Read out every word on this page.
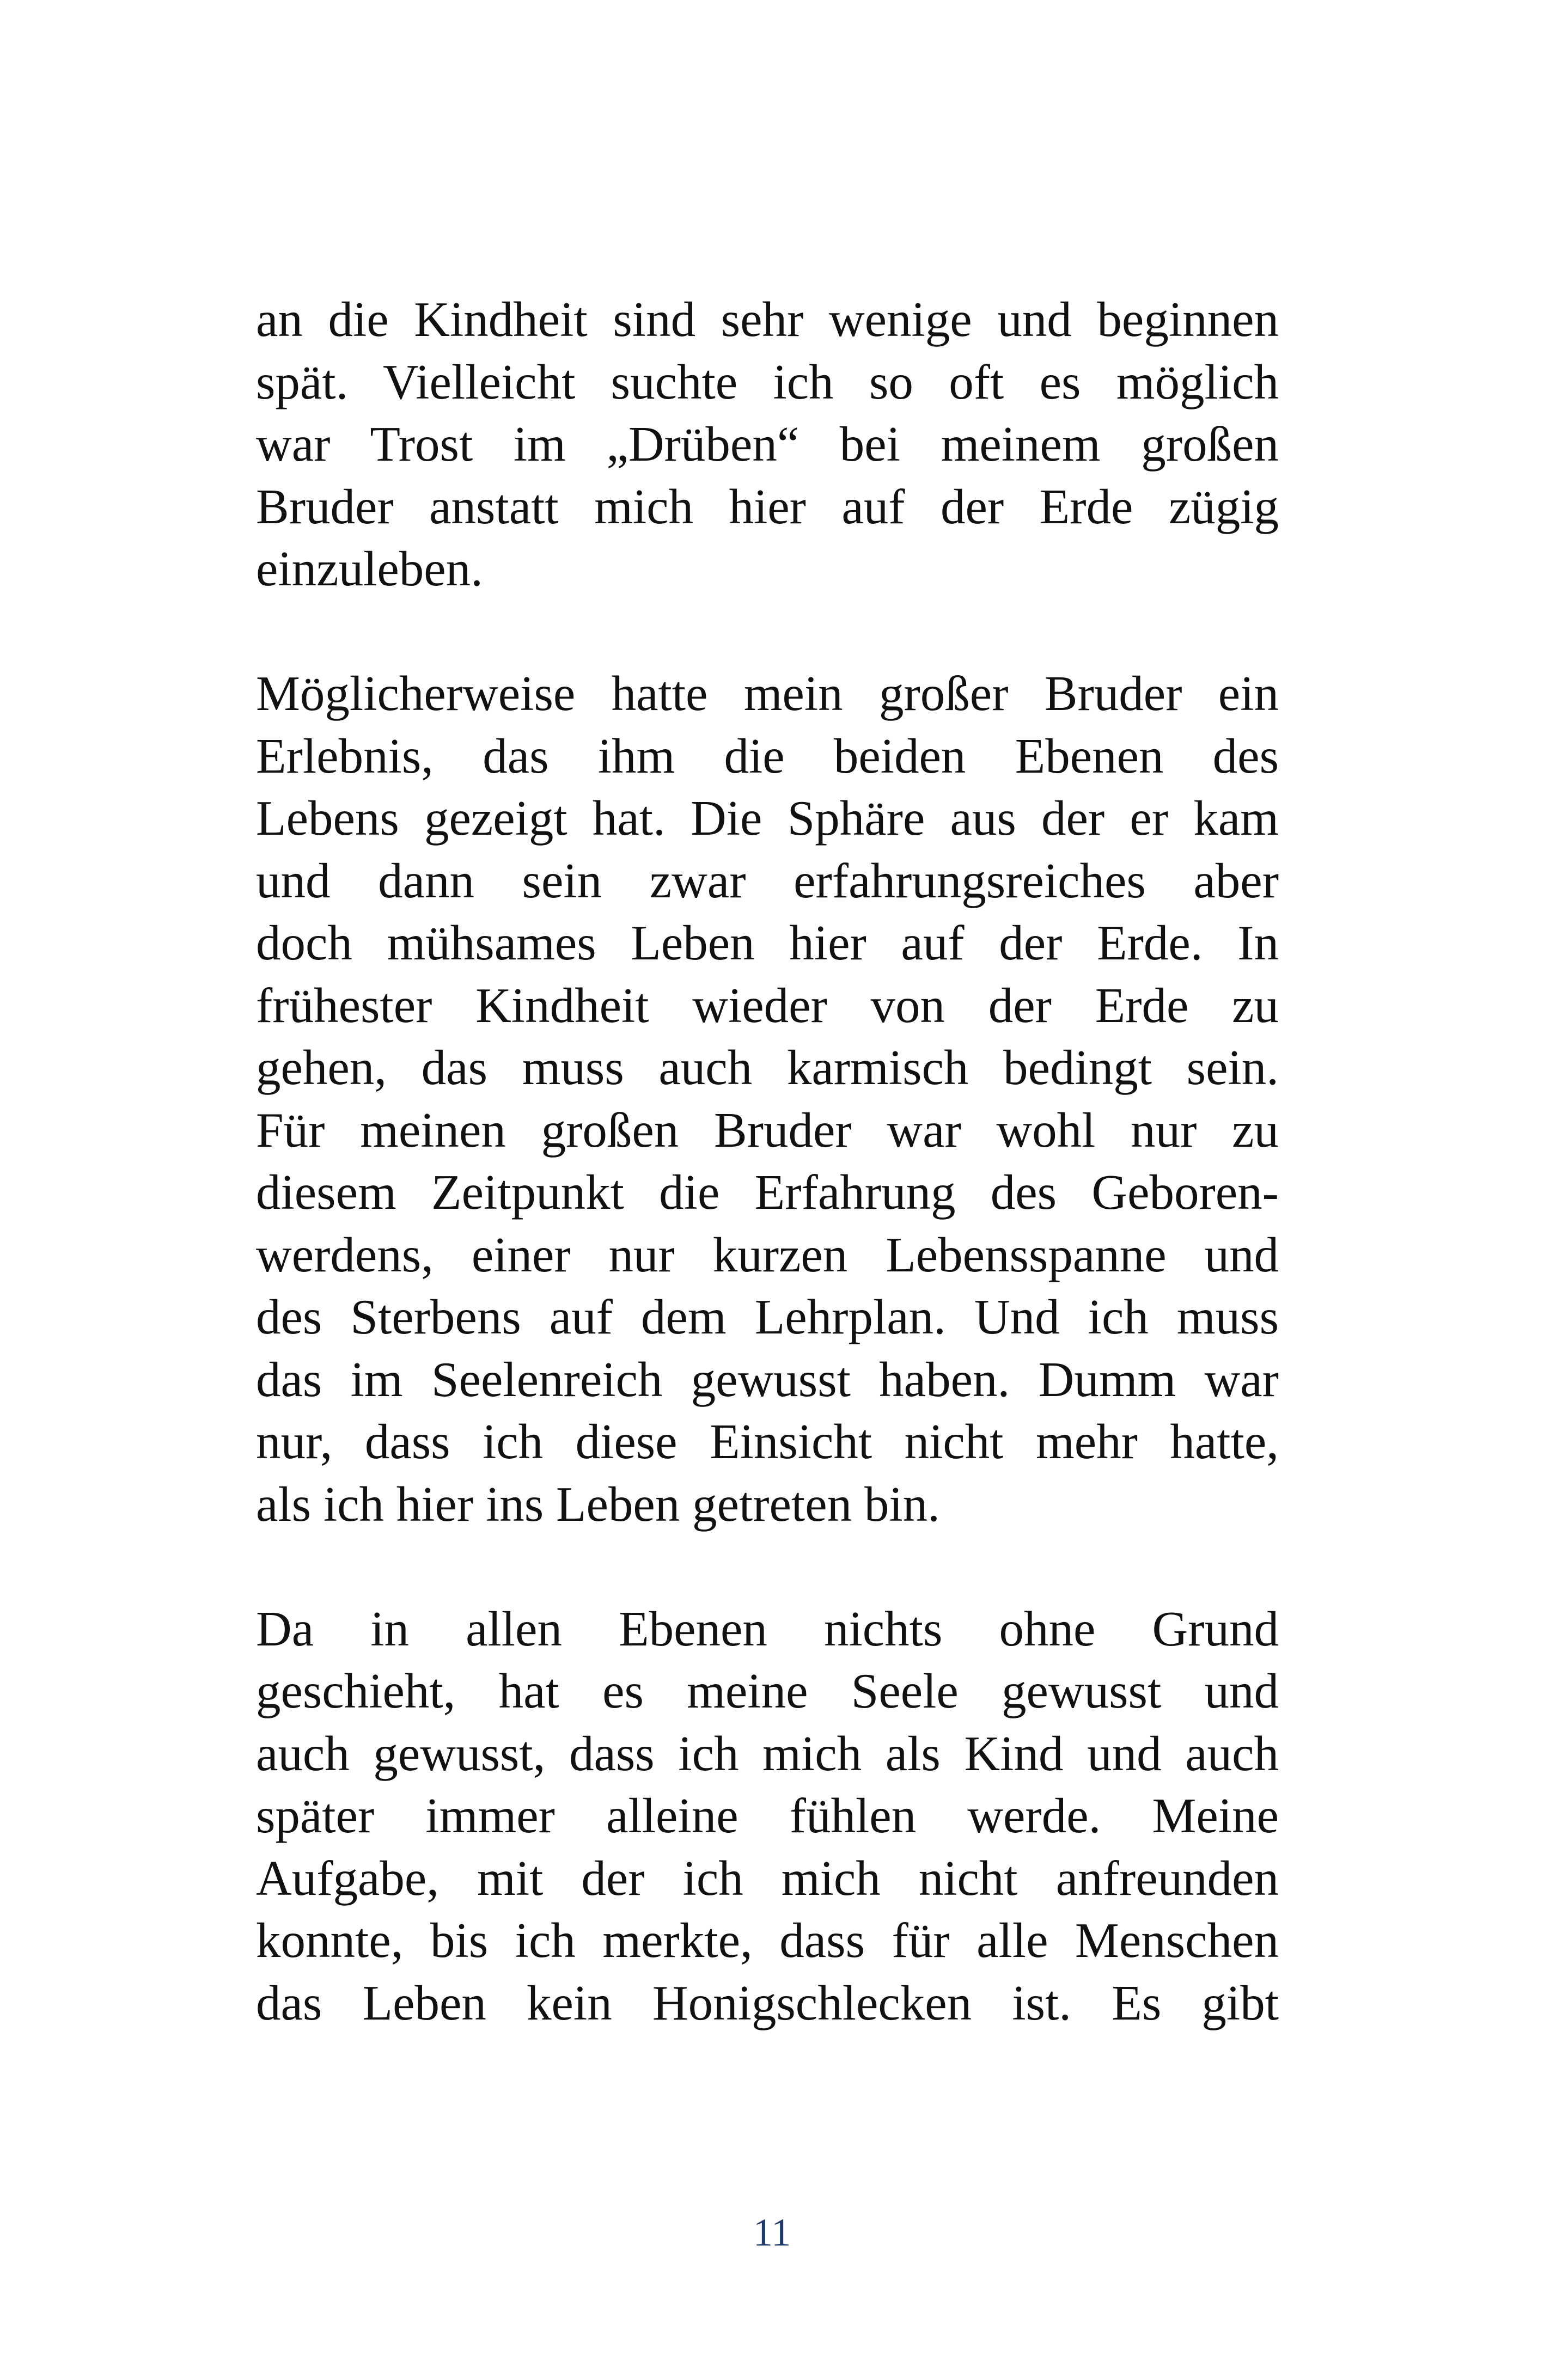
an die Kindheit sind sehr wenige und beginnen
spät. Vielleicht suchte ich so oft es möglich
war Trost im „Drüben“ bei meinem großen
Bruder anstatt mich hier auf der Erde zügig
einzuleben.
Möglicherweise hatte mein großer Bruder ein
Erlebnis, das ihm die beiden Ebenen des
Lebens gezeigt hat. Die Sphäre aus der er kam
und dann sein zwar erfahrungsreiches aber
doch mühsames Leben hier auf der Erde. In
frühester Kindheit wieder von der Erde zu
gehen, das muss auch karmisch bedingt sein.
Für meinen großen Bruder war wohl nur zu
diesem Zeitpunkt die Erfahrung des Geboren-
werdens, einer nur kurzen Lebensspanne und
des Sterbens auf dem Lehrplan. Und ich muss
das im Seelenreich gewusst haben. Dumm war
nur, dass ich diese Einsicht nicht mehr hatte,
als ich hier ins Leben getreten bin.
Da in allen Ebenen nichts ohne Grund
geschieht, hat es meine Seele gewusst und
auch gewusst, dass ich mich als Kind und auch
später immer alleine fühlen werde. Meine
Aufgabe, mit der ich mich nicht anfreunden
konnte, bis ich merkte, dass für alle Menschen
das Leben kein Honigschlecken ist. Es gibt
11
